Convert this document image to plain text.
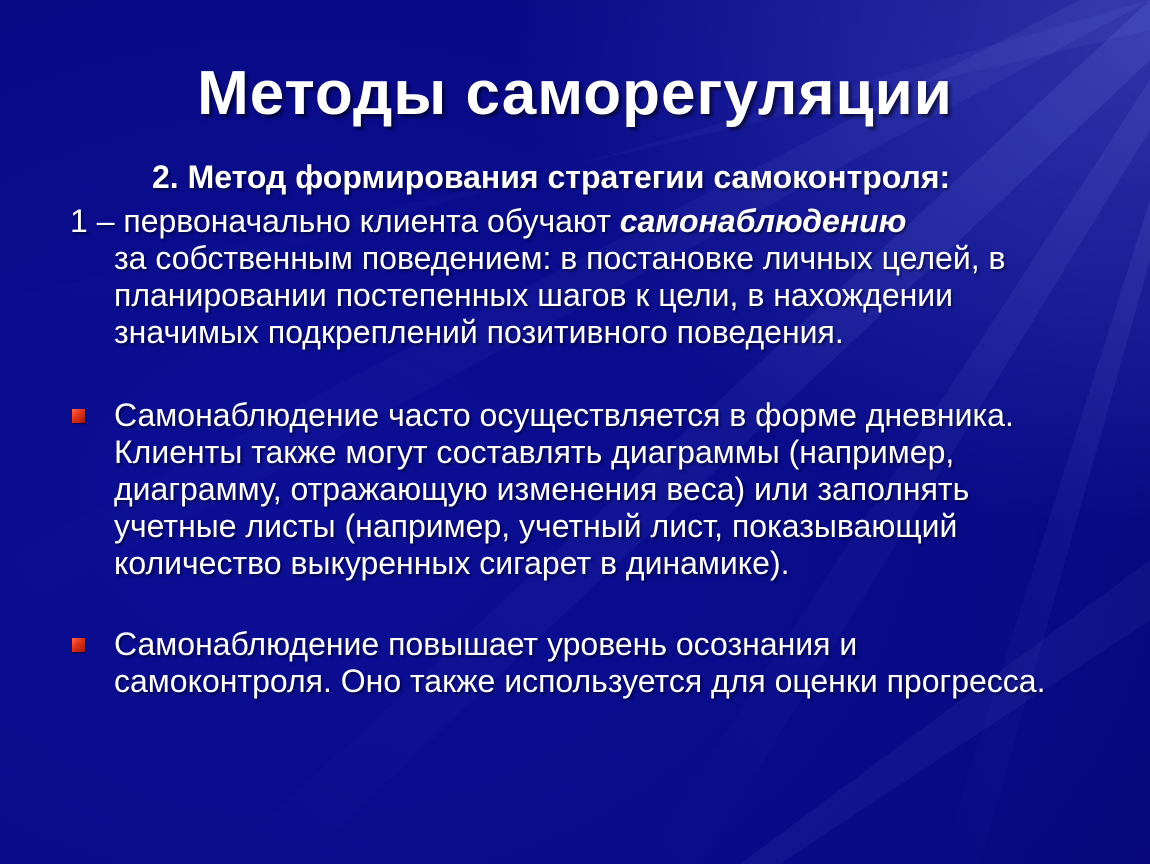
Методы саморегуляции
2. Метод формирования стратегии самоконтроля:
1 – первоначально клиента обучают самонаблюдению
за собственным поведением: в постановке личных целей, в планировании постепенных шагов к цели, в нахождении значимых подкреплений позитивного поведения.
Самонаблюдение часто осуществляется в форме дневника. Клиенты также могут составлять диаграммы (например, диаграмму, отражающую изменения веса) или заполнять учетные листы (например, учетный лист, показывающий количество выкуренных сигарет в динамике).
Самонаблюдение повышает уровень осознания и самоконтроля. Оно также используется для оценки прогресса.
